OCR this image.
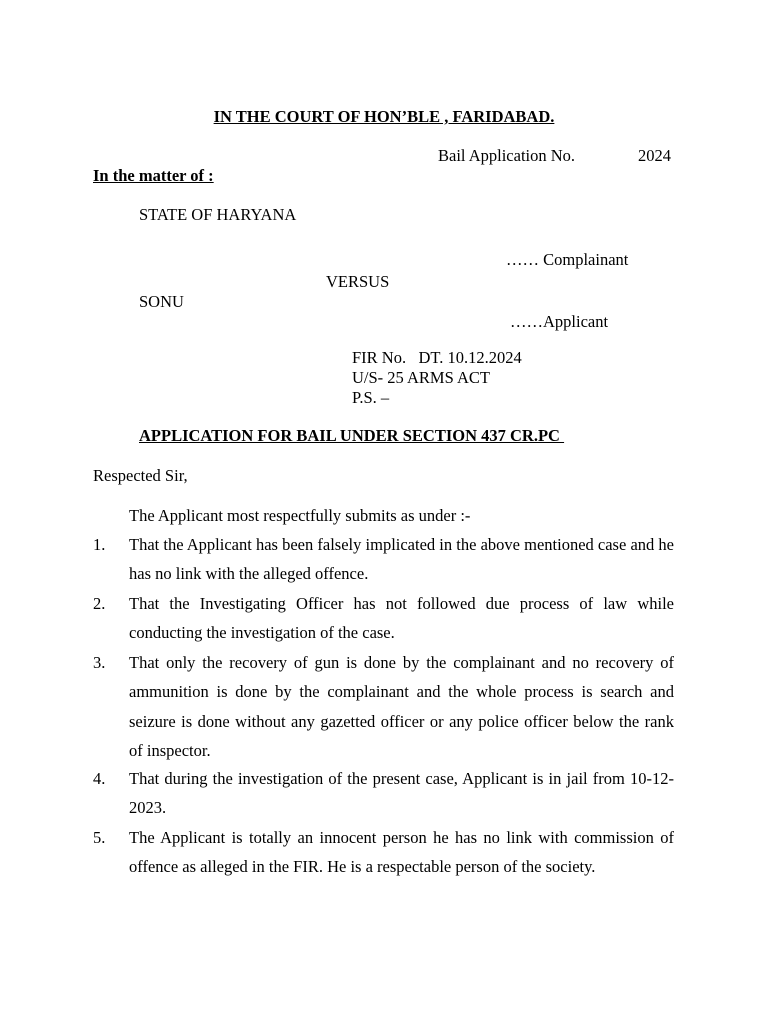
IN THE COURT OF HON’BLE , FARIDABAD.
Bail Application No.	2024
In the matter of :
STATE OF HARYANA
…… Complainant
VERSUS
SONU
……Applicant
FIR No.   DT. 10.12.2024
U/S- 25 ARMS ACT
P.S. –
APPLICATION FOR BAIL UNDER SECTION 437 CR.PC
Respected Sir,
The Applicant most respectfully submits as under :-
1.	That the Applicant has been falsely implicated in the above mentioned case and he has no link with the alleged offence.
2.	That the Investigating Officer has not followed due process of law while conducting the investigation of the case.
3.	That only the recovery of gun is done by the complainant and no recovery of ammunition is done by the complainant and the whole process is search and seizure is done without any gazetted officer or any police officer below the rank of inspector.
4.	That during the investigation of the present case, Applicant is in jail from 10-12-2023.
5.	The Applicant is totally an innocent person he has no link with commission of offence as alleged in the FIR. He is a respectable person of the society.
